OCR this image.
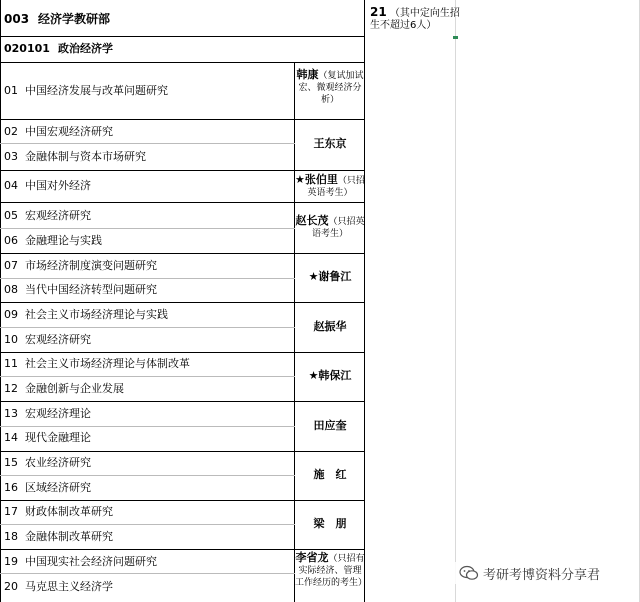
003 经济学教研部
020101 政治经济学
21 （其中定向生招生不超过6人）
01 中国经济发展与改革问题研究
02 中国宏观经济研究
03 金融体制与资本市场研究
04 中国对外经济
05 宏观经济研究
06 金融理论与实践
07 市场经济制度演变问题研究
08 当代中国经济转型问题研究
09 社会主义市场经济理论与实践
10 宏观经济研究
11 社会主义市场经济理论与体制改革
12 金融创新与企业发展
13 宏观经济理论
14 现代金融理论
15 农业经济研究
16 区域经济研究
17 财政体制改革研究
18 金融体制改革研究
19 中国现实社会经济问题研究
20 马克思主义经济学
韩康（复试加试宏、微观经济分析）
王东京
★张伯里（只招英语考生）
赵长茂（只招英语考生）
★谢鲁江
赵振华
★韩保江
田应奎
施　红
梁　朋
李省龙（只招有实际经济、管理工作经历的考生）
考研考博资料分享君
